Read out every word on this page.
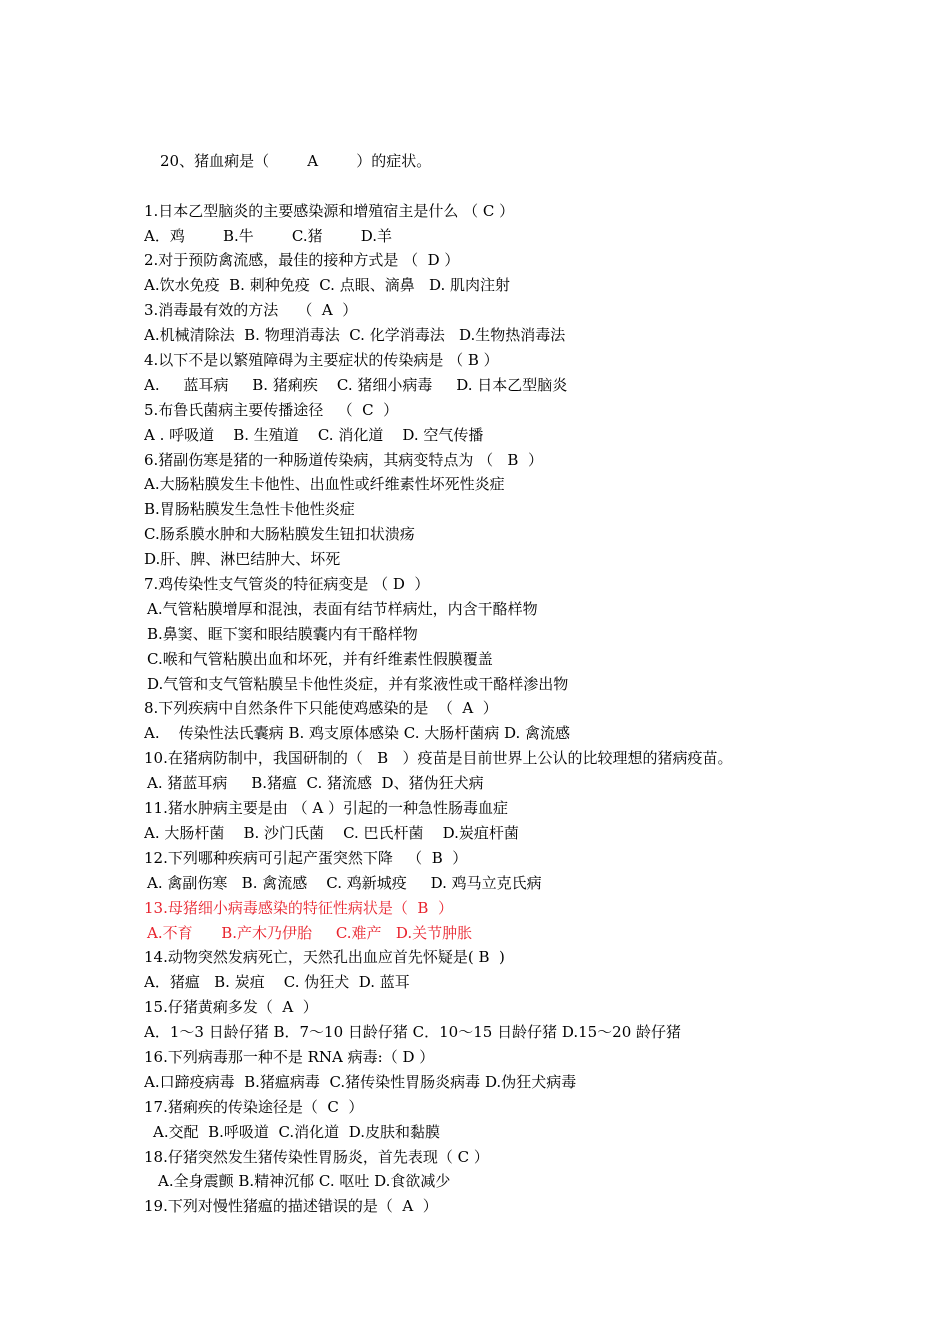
20、猪血痢是（        A        ）的症状。

1.日本乙型脑炎的主要感染源和增殖宿主是什么 （ C ）
A．鸡        B.牛        C.猪        D.羊
2.对于预防禽流感，最佳的接种方式是 （  D ）
A.饮水免疫  B. 刺种免疫  C. 点眼、滴鼻   D. 肌肉注射
3.消毒最有效的方法    （  A  ）
A.机械清除法  B. 物理消毒法  C. 化学消毒法   D.生物热消毒法
4.以下不是以繁殖障碍为主要症状的传染病是 （ B ）
A.     蓝耳病     B. 猪痢疾    C. 猪细小病毒     D. 日本乙型脑炎
5.布鲁氏菌病主要传播途径   （  C  ）
A . 呼吸道    B. 生殖道    C. 消化道    D. 空气传播
6.猪副伤寒是猪的一种肠道传染病，其病变特点为 （   B  ）
A.大肠粘膜发生卡他性、出血性或纤维素性坏死性炎症
B.胃肠粘膜发生急性卡他性炎症
C.肠系膜水肿和大肠粘膜发生钮扣状溃疡
D.肝、脾、淋巴结肿大、坏死
7.鸡传染性支气管炎的特征病变是 （ D  ）
A.气管粘膜增厚和混浊，表面有结节样病灶，内含干酪样物
B.鼻窦、眶下窦和眼结膜囊内有干酪样物
C.喉和气管粘膜出血和坏死，并有纤维素性假膜覆盖
D.气管和支气管粘膜呈卡他性炎症，并有浆液性或干酪样渗出物
8.下列疾病中自然条件下只能使鸡感染的是  （  A  ）
A.    传染性法氏囊病 B. 鸡支原体感染 C. 大肠杆菌病 D. 禽流感
10.在猪病防制中，我国研制的（   B   ）疫苗是目前世界上公认的比较理想的猪病疫苗。
A. 猪蓝耳病     B.猪瘟  C. 猪流感  D、猪伪狂犬病
11.猪水肿病主要是由 （ A ）引起的一种急性肠毒血症
A. 大肠杆菌    B. 沙门氏菌    C. 巴氏杆菌    D.炭疽杆菌
12.下列哪种疾病可引起产蛋突然下降   （  B  ）
A. 禽副伤寒   B. 禽流感    C. 鸡新城疫     D. 鸡马立克氏病
13.母猪细小病毒感染的特征性病状是（  B  ）
A.不育      B.产木乃伊胎     C.难产   D.关节肿胀
14.动物突然发病死亡，天然孔出血应首先怀疑是( B  )
A．猪瘟   B. 炭疽    C. 伪狂犬  D. 蓝耳
15.仔猪黄痢多发（  A  ）
A．1～3 日龄仔猪 B．7～10 日龄仔猪 C．10～15 日龄仔猪 D.15～20 龄仔猪
16.下列病毒那一种不是 RNA 病毒:（ D ）
A.口蹄疫病毒  B.猪瘟病毒  C.猪传染性胃肠炎病毒 D.伪狂犬病毒
17.猪痢疾的传染途径是（  C  ）
A.交配  B.呼吸道  C.消化道  D.皮肤和黏膜
18.仔猪突然发生猪传染性胃肠炎，首先表现（ C ）
A.全身震颤 B.精神沉郁 C. 呕吐 D.食欲减少
19.下列对慢性猪瘟的描述错误的是（  A  ）
